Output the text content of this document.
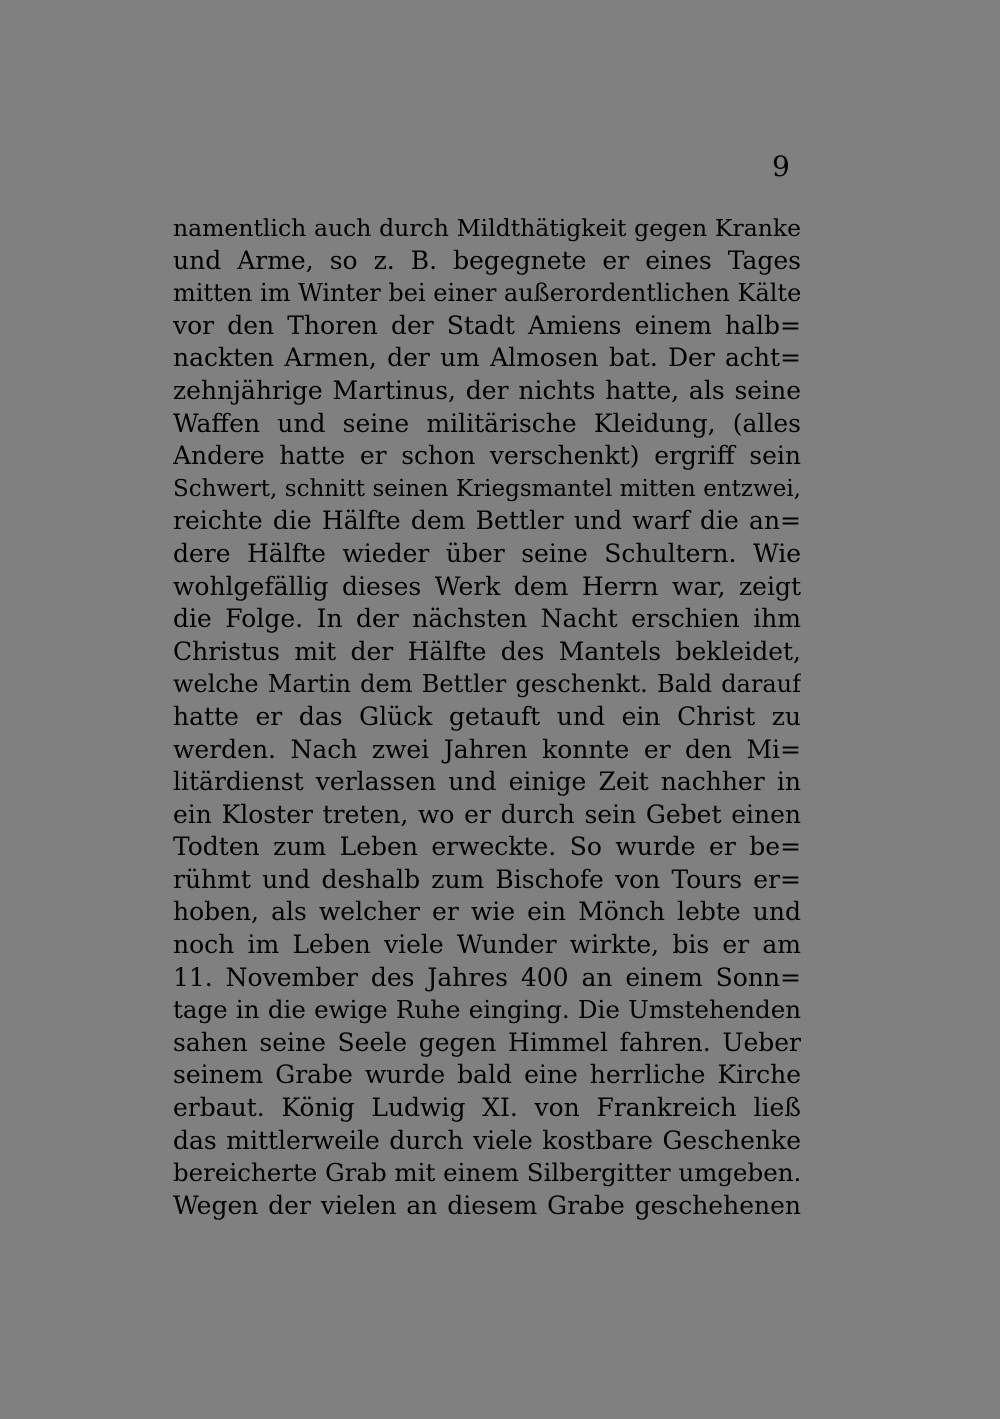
9
namentlich auch durch Mildthätigkeit gegen Kranke
und Arme, so z. B. begegnete er eines Tages
mitten im Winter bei einer außerordentlichen Kälte
vor den Thoren der Stadt Amiens einem halb=
nackten Armen, der um Almosen bat. Der acht=
zehnjährige Martinus, der nichts hatte, als seine
Waffen und seine militärische Kleidung, (alles
Andere hatte er schon verschenkt) ergriff sein
Schwert, schnitt seinen Kriegsmantel mitten entzwei,
reichte die Hälfte dem Bettler und warf die an=
dere Hälfte wieder über seine Schultern. Wie
wohlgefällig dieses Werk dem Herrn war, zeigt
die Folge. In der nächsten Nacht erschien ihm
Christus mit der Hälfte des Mantels bekleidet,
welche Martin dem Bettler geschenkt. Bald darauf
hatte er das Glück getauft und ein Christ zu
werden. Nach zwei Jahren konnte er den Mi=
litärdienst verlassen und einige Zeit nachher in
ein Kloster treten, wo er durch sein Gebet einen
Todten zum Leben erweckte. So wurde er be=
rühmt und deshalb zum Bischofe von Tours er=
hoben, als welcher er wie ein Mönch lebte und
noch im Leben viele Wunder wirkte, bis er am
11. November des Jahres 400 an einem Sonn=
tage in die ewige Ruhe einging. Die Umstehenden
sahen seine Seele gegen Himmel fahren. Ueber
seinem Grabe wurde bald eine herrliche Kirche
erbaut. König Ludwig XI. von Frankreich ließ
das mittlerweile durch viele kostbare Geschenke
bereicherte Grab mit einem Silbergitter umgeben.
Wegen der vielen an diesem Grabe geschehenen
